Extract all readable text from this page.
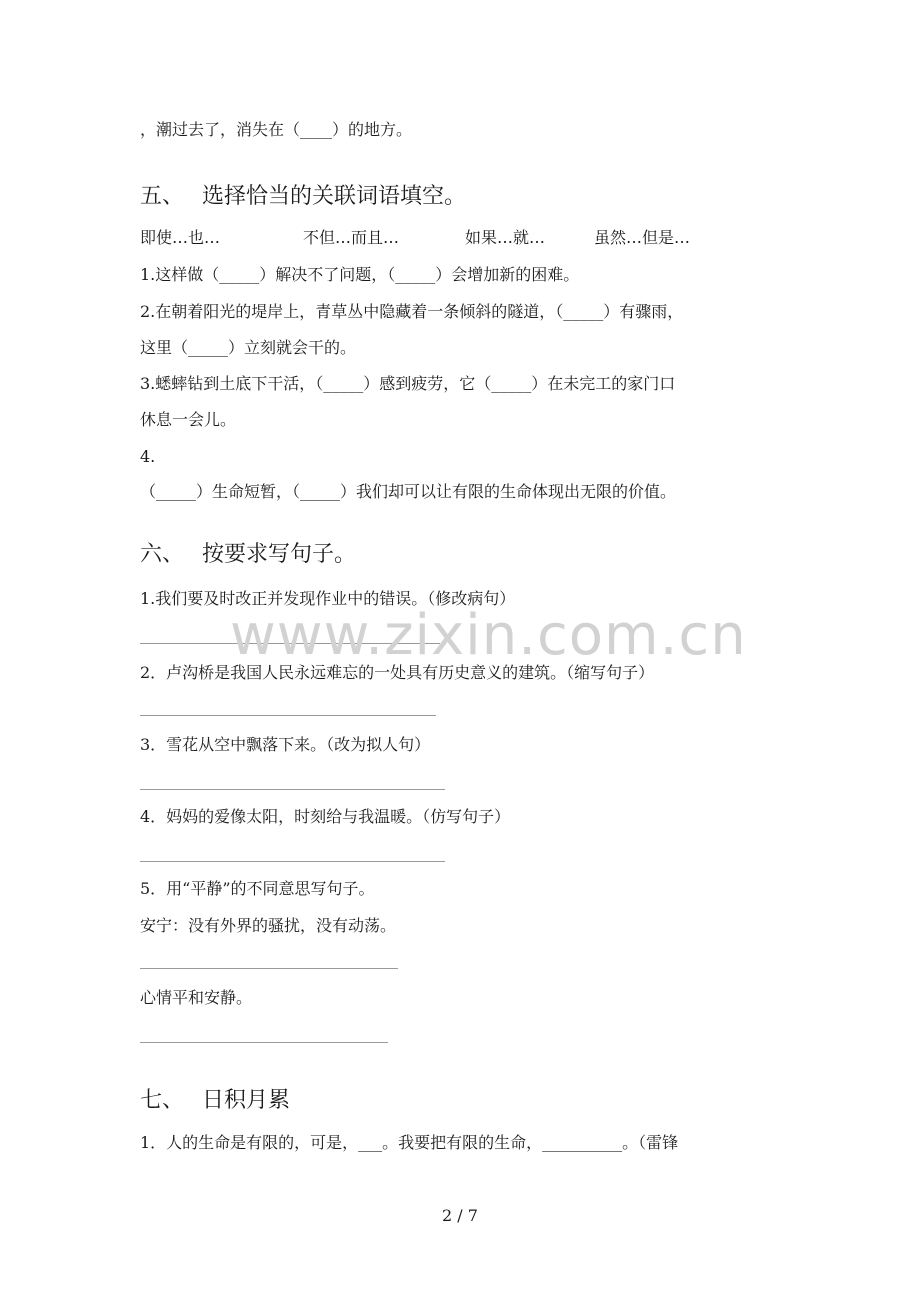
，潮过去了，消失在（____）的地方。
五、 选择恰当的关联词语填空。
即使…也…	不但…而且…	如果…就…	虽然…但是…
1.这样做（_____）解决不了问题，（_____）会增加新的困难。
2.在朝着阳光的堤岸上，青草丛中隐藏着一条倾斜的隧道，（_____）有骤雨，
这里（_____）立刻就会干的。
3.蟋蟀钻到土底下干活，（_____）感到疲劳，它（_____）在未完工的家门口
休息一会儿。
4.
（_____）生命短暂，（_____）我们却可以让有限的生命体现出无限的价值。
六、 按要求写句子。
1.我们要及时改正并发现作业中的错误。（修改病句）
2．卢沟桥是我国人民永远难忘的一处具有历史意义的建筑。（缩写句子）
3．雪花从空中飘落下来。（改为拟人句）
4．妈妈的爱像太阳，时刻给与我温暖。（仿写句子）
5．用“平静”的不同意思写句子。
安宁：没有外界的骚扰，没有动荡。
心情平和安静。
七、 日积月累
1．人的生命是有限的，可是，___。我要把有限的生命，__________。（雷锋
www.zixin.com.cn
2 / 7
